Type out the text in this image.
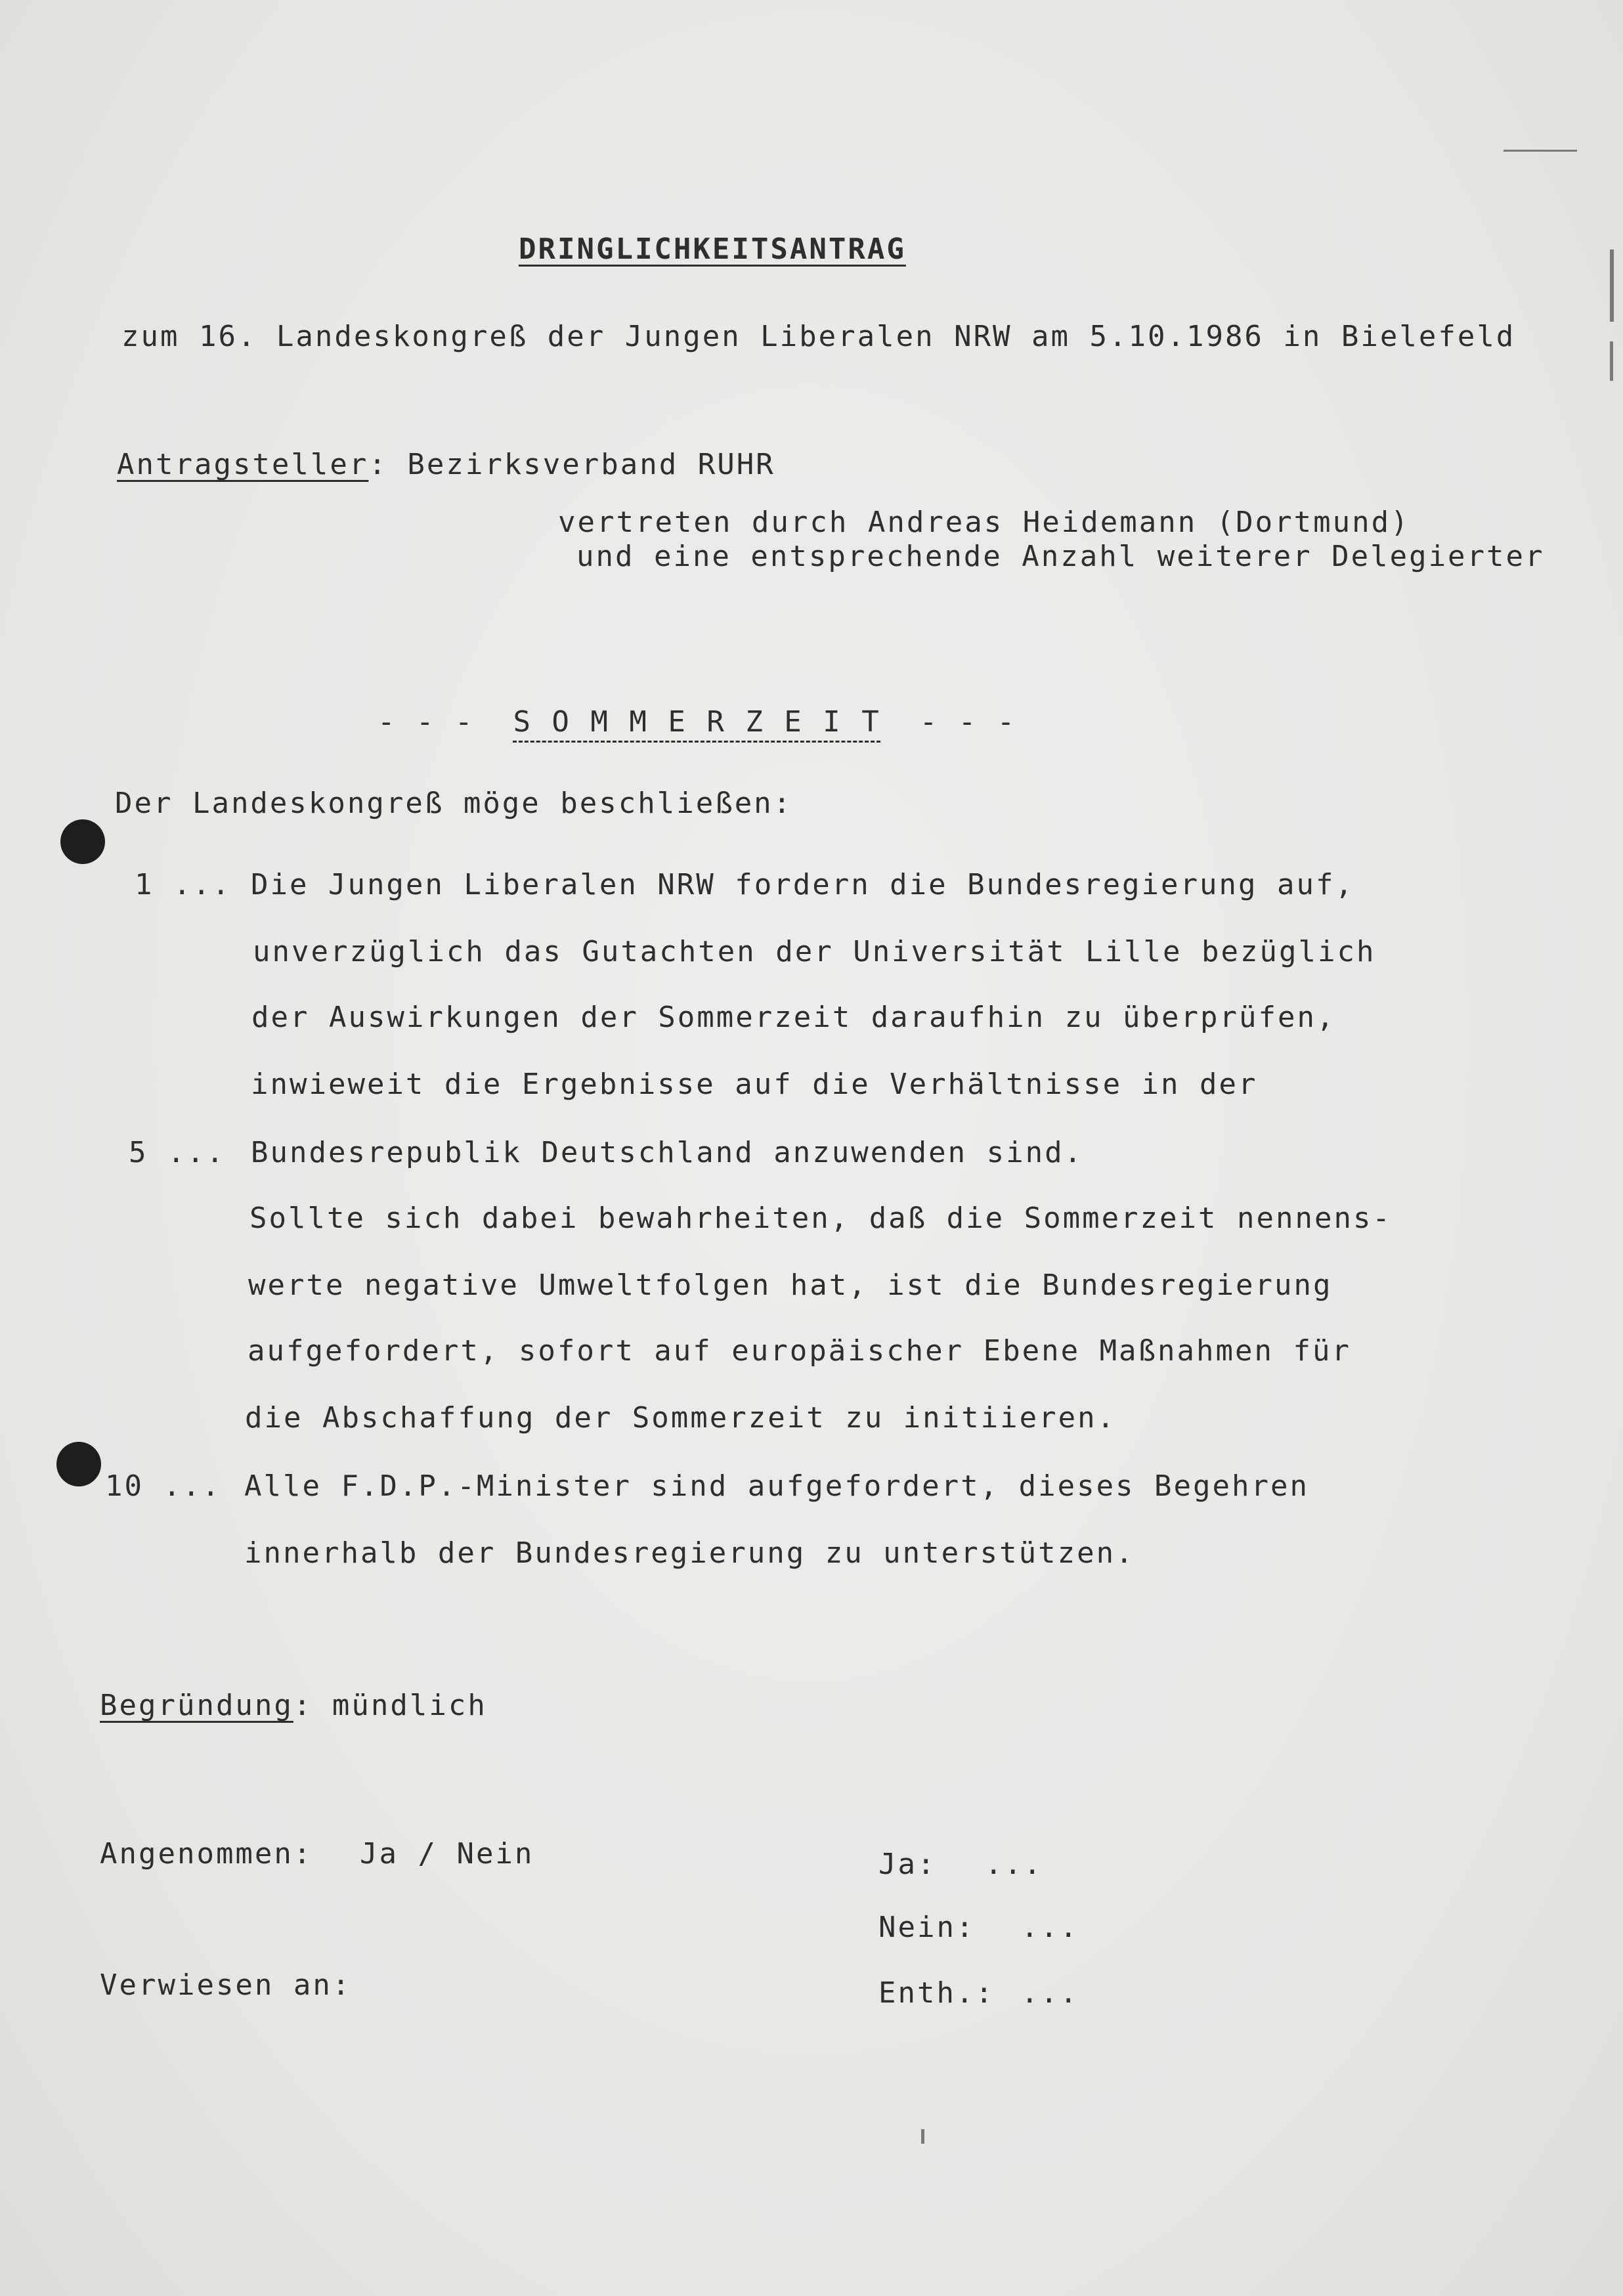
DRINGLICHKEITSANTRAG
zum 16. Landeskongreß der Jungen Liberalen NRW am 5.10.1986 in Bielefeld
Antragsteller: Bezirksverband RUHR
vertreten durch Andreas Heidemann (Dortmund)
und eine entsprechende Anzahl weiterer Delegierter
- - - S O M M E R Z E I T - - -
Der Landeskongreß möge beschließen:
1 ... Die Jungen Liberalen NRW fordern die Bundesregierung auf,
unverzüglich das Gutachten der Universität Lille bezüglich
der Auswirkungen der Sommerzeit daraufhin zu überprüfen,
inwieweit die Ergebnisse auf die Verhältnisse in der
5 ... Bundesrepublik Deutschland anzuwenden sind.
Sollte sich dabei bewahrheiten, daß die Sommerzeit nennens-
werte negative Umweltfolgen hat, ist die Bundesregierung
aufgefordert, sofort auf europäischer Ebene Maßnahmen für
die Abschaffung der Sommerzeit zu initiieren.
10 ... Alle F.D.P.-Minister sind aufgefordert, dieses Begehren
innerhalb der Bundesregierung zu unterstützen.
Begründung: mündlich
Angenommen: Ja / Nein
Verwiesen an:
Ja: ...
Nein: ...
Enth.: ...
